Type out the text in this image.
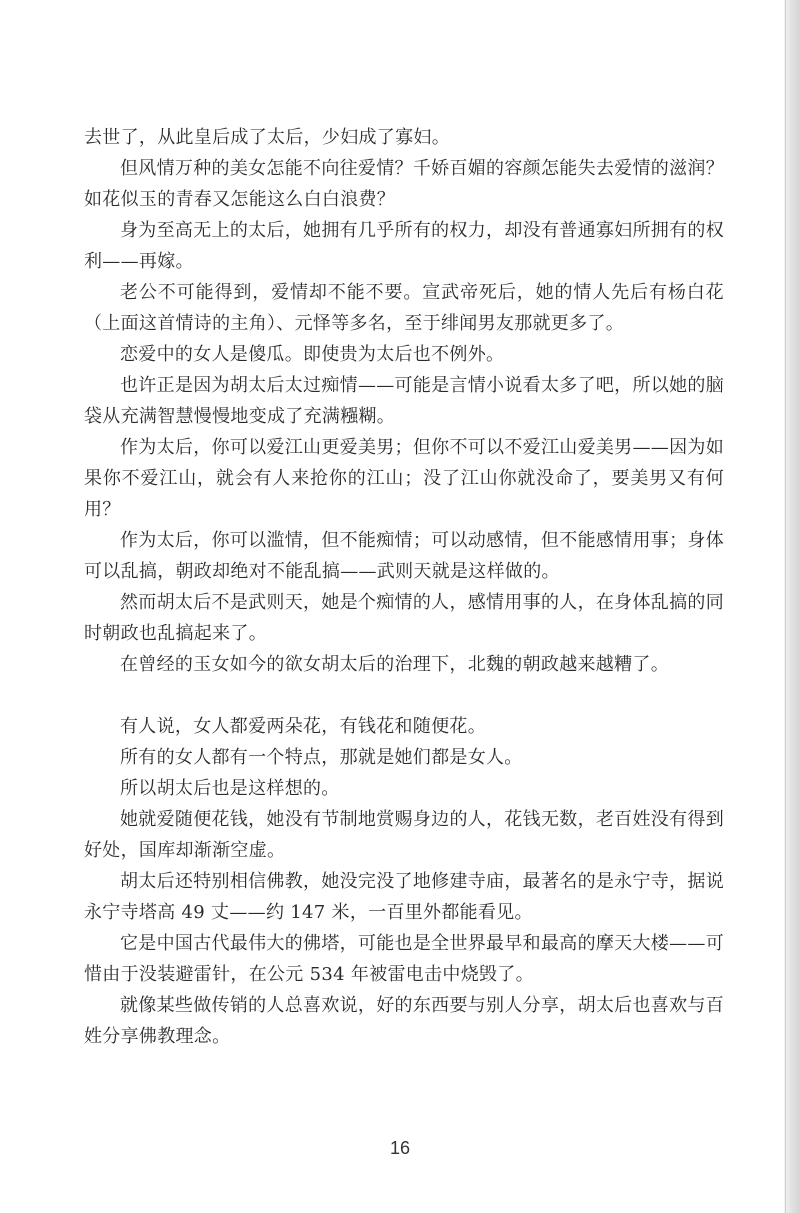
去世了，从此皇后成了太后，少妇成了寡妇。

但风情万种的美女怎能不向往爱情？千娇百媚的容颜怎能失去爱情的滋润？如花似玉的青春又怎能这么白白浪费？

身为至高无上的太后，她拥有几乎所有的权力，却没有普通寡妇所拥有的权利——再嫁。

老公不可能得到，爱情却不能不要。宣武帝死后，她的情人先后有杨白花（上面这首情诗的主角）、元怿等多名，至于绯闻男友那就更多了。

恋爱中的女人是傻瓜。即使贵为太后也不例外。

也许正是因为胡太后太过痴情——可能是言情小说看太多了吧，所以她的脑袋从充满智慧慢慢地变成了充满糨糊。

作为太后，你可以爱江山更爱美男；但你不可以不爱江山爱美男——因为如果你不爱江山，就会有人来抢你的江山；没了江山你就没命了，要美男又有何用？

作为太后，你可以滥情，但不能痴情；可以动感情，但不能感情用事；身体可以乱搞，朝政却绝对不能乱搞——武则天就是这样做的。

然而胡太后不是武则天，她是个痴情的人，感情用事的人，在身体乱搞的同时朝政也乱搞起来了。

在曾经的玉女如今的欲女胡太后的治理下，北魏的朝政越来越糟了。

有人说，女人都爱两朵花，有钱花和随便花。

所有的女人都有一个特点，那就是她们都是女人。

所以胡太后也是这样想的。

她就爱随便花钱，她没有节制地赏赐身边的人，花钱无数，老百姓没有得到好处，国库却渐渐空虚。

胡太后还特别相信佛教，她没完没了地修建寺庙，最著名的是永宁寺，据说永宁寺塔高 49 丈——约 147 米，一百里外都能看见。

它是中国古代最伟大的佛塔，可能也是全世界最早和最高的摩天大楼——可惜由于没装避雷针，在公元 534 年被雷电击中烧毁了。

就像某些做传销的人总喜欢说，好的东西要与别人分享，胡太后也喜欢与百姓分享佛教理念。

16
